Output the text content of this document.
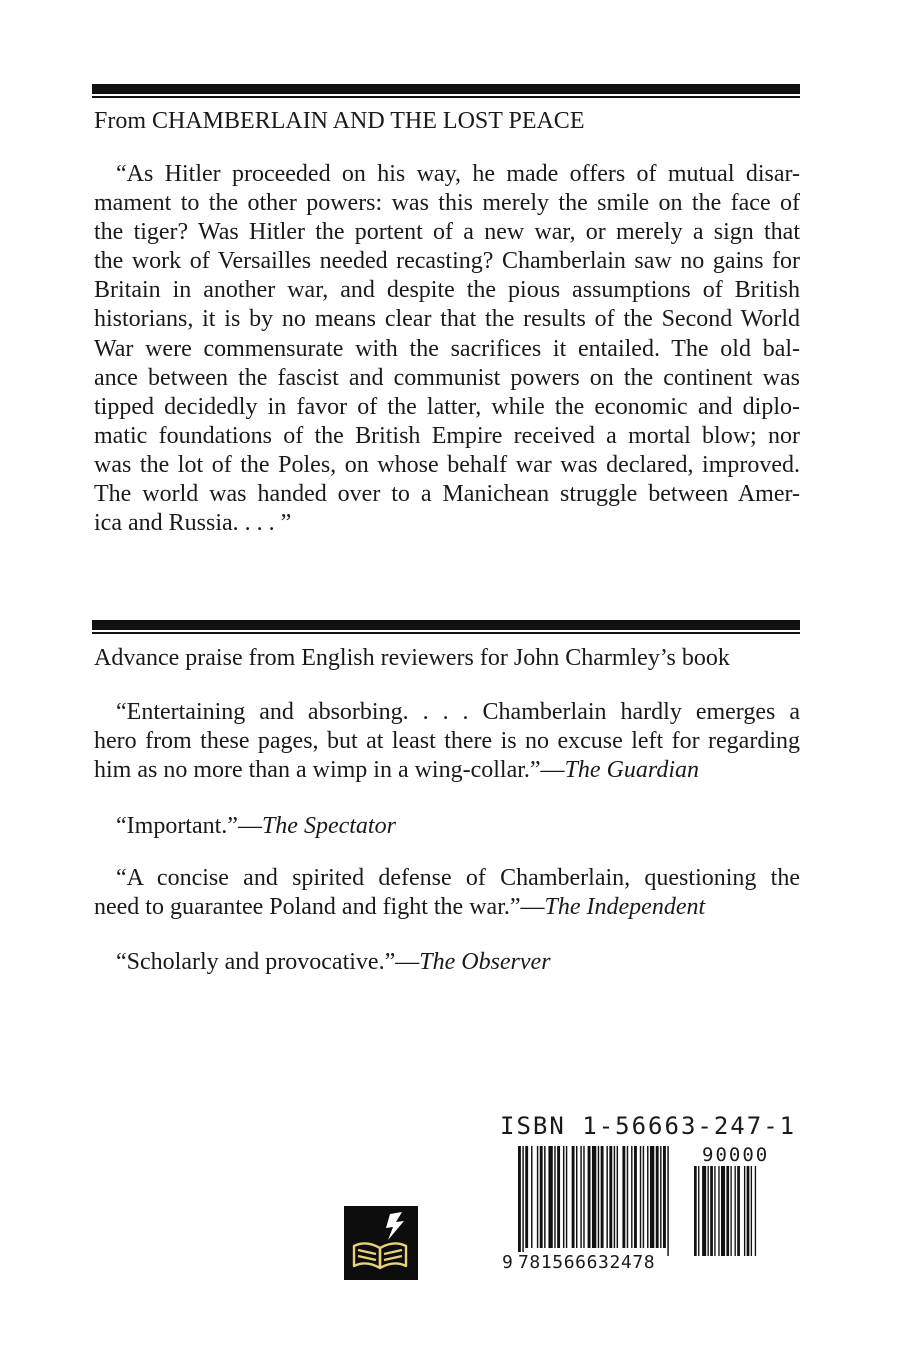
From CHAMBERLAIN AND THE LOST PEACE
“As Hitler proceeded on his way, he made offers of mutual disar-
mament to the other powers: was this merely the smile on the face of
the tiger? Was Hitler the portent of a new war, or merely a sign that
the work of Versailles needed recasting? Chamberlain saw no gains for
Britain in another war, and despite the pious assumptions of British
historians, it is by no means clear that the results of the Second World
War were commensurate with the sacrifices it entailed. The old bal-
ance between the fascist and communist powers on the continent was
tipped decidedly in favor of the latter, while the economic and diplo-
matic foundations of the British Empire received a mortal blow; nor
was the lot of the Poles, on whose behalf war was declared, improved.
The world was handed over to a Manichean struggle between Amer-
ica and Russia. . . . ”
Advance praise from English reviewers for John Charmley’s book
“Entertaining and absorbing. . . . Chamberlain hardly emerges a
hero from these pages, but at least there is no excuse left for regarding
him as no more than a wimp in a wing-collar.”—The Guardian
“Important.”—The Spectator
“A concise and spirited defense of Chamberlain, questioning the
need to guarantee Poland and fight the war.”—The Independent
“Scholarly and provocative.”—The Observer
ISBN 1-56663-247-1
90000
9 781566632478
